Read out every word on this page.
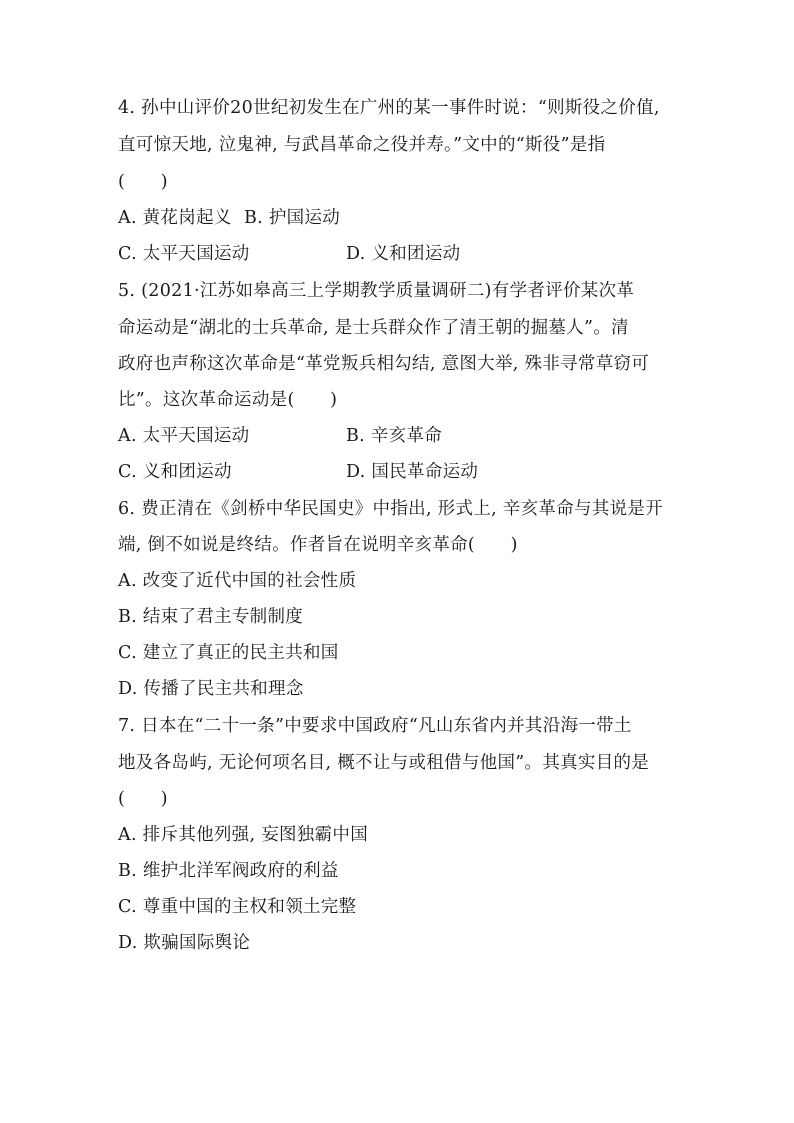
4. 孙中山评价20世纪初发生在广州的某一事件时说：“则斯役之价值,
直可惊天地, 泣鬼神, 与武昌革命之役并寿。”文中的“斯役”是指
(　　)
A. 黄花岗起义 B. 护国运动
C. 太平天国运动	D. 义和团运动
5. (2021·江苏如皋高三上学期教学质量调研二)有学者评价某次革
命运动是“湖北的士兵革命, 是士兵群众作了清王朝的掘墓人”。清
政府也声称这次革命是“革党叛兵相勾结, 意图大举, 殊非寻常草窃可
比”。这次革命运动是(　　)
A. 太平天国运动	B. 辛亥革命
C. 义和团运动	D. 国民革命运动
6. 费正清在《剑桥中华民国史》中指出, 形式上, 辛亥革命与其说是开
端, 倒不如说是终结。作者旨在说明辛亥革命(　　)
A. 改变了近代中国的社会性质
B. 结束了君主专制制度
C. 建立了真正的民主共和国
D. 传播了民主共和理念
7. 日本在“二十一条”中要求中国政府“凡山东省内并其沿海一带土
地及各岛屿, 无论何项名目, 概不让与或租借与他国”。其真实目的是
(　　)
A. 排斥其他列强, 妄图独霸中国
B. 维护北洋军阀政府的利益
C. 尊重中国的主权和领土完整
D. 欺骗国际舆论
